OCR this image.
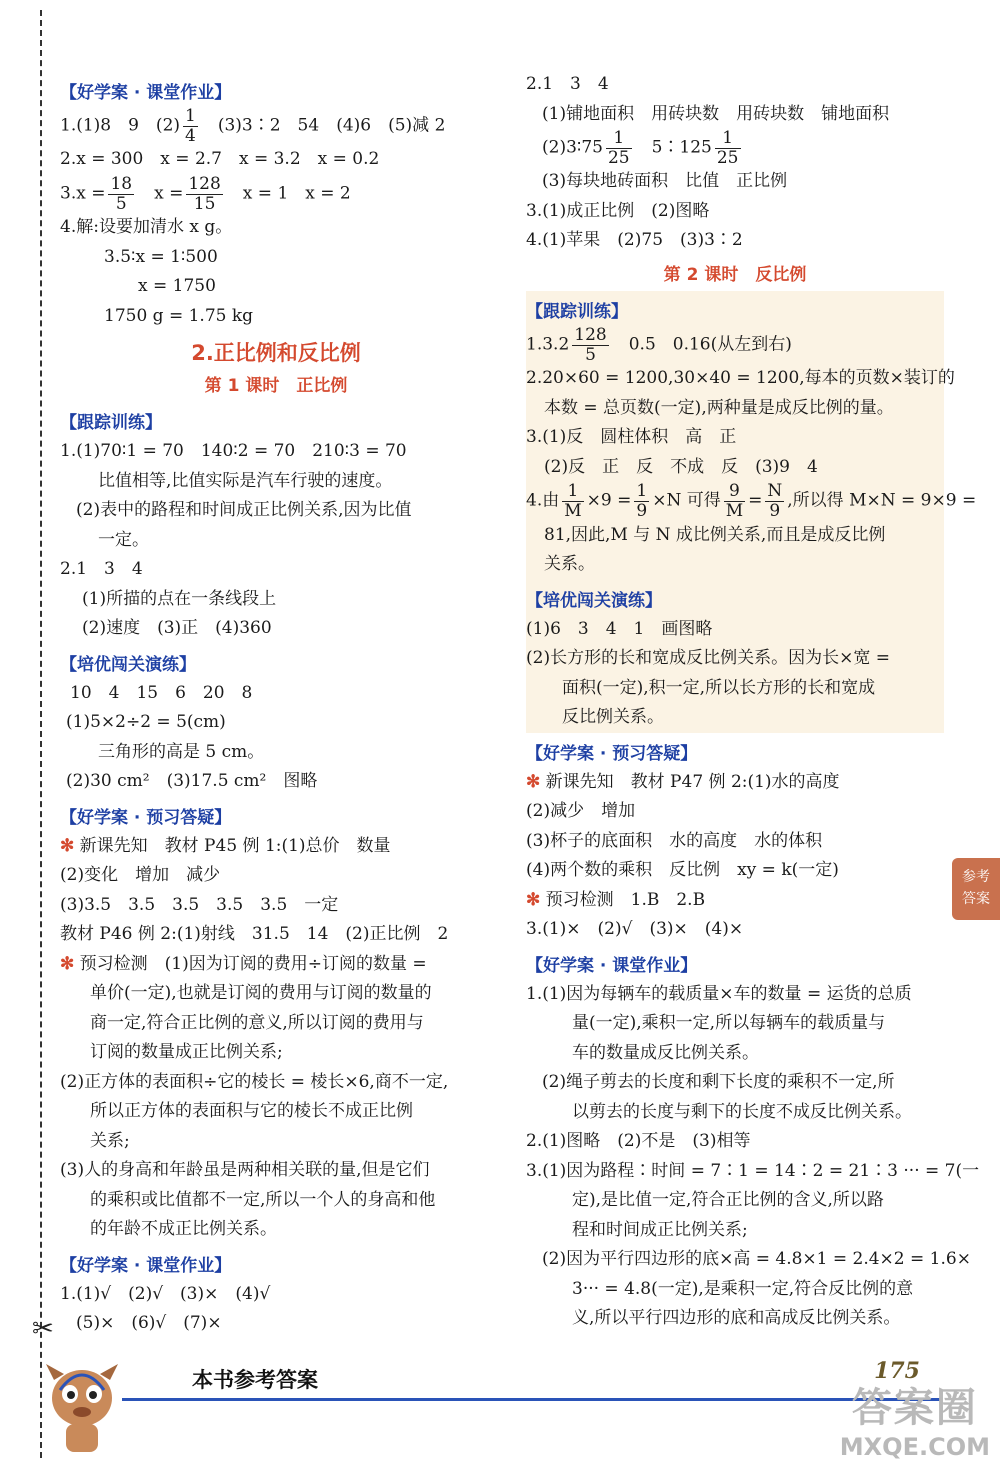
【好学案 · 课堂作业】
1.(1)8　9　$(2) \frac{1}{4}$ 　(3)3∶2　54　(4)6　(5)减 2
2.x = 300　x = 2.7　x = 3.2　x = 0.2
$3.x = \frac{18}{5}$ 　$x = \frac{128}{15}$ 　x = 1　x = 2
4.解:设要加清水 x g。
3.5∶x = 1∶500
x = 1750
1750 g = 1.75 kg
2.正比例和反比例
第 1 课时　正比例
【跟踪训练】
1.(1)70∶1 = 70　140∶2 = 70　210∶3 = 70
比值相等,比值实际是汽车行驶的速度。
(2)表中的路程和时间成正比例关系,因为比值
一定。
2.1　3　4
(1)所描的点在一条线段上
(2)速度　(3)正　(4)360
【培优闯关演练】
10　4　15　6　20　8
(1)5×2÷2 = 5(cm)
三角形的高是 5 cm。
(2)30 cm²　(3)17.5 cm²　图略
【好学案 · 预习答疑】
✻ 新课先知　教材 P45 例 1:(1)总价　数量
(2)变化　增加　减少
(3)3.5　3.5　3.5　3.5　3.5　一定
教材 P46 例 2:(1)射线　31.5　14　(2)正比例　2
✻ 预习检测　(1)因为订阅的费用÷订阅的数量 =
单价(一定),也就是订阅的费用与订阅的数量的
商一定,符合正比例的意义,所以订阅的费用与
订阅的数量成正比例关系;
(2)正方体的表面积÷它的棱长 = 棱长×6,商不一定,
所以正方体的表面积与它的棱长不成正比例
关系;
(3)人的身高和年龄虽是两种相关联的量,但是它们
的乘积或比值都不一定,所以一个人的身高和他
的年龄不成正比例关系。
【好学案 · 课堂作业】
1.(1)√　(2)√　(3)×　(4)√
(5)×　(6)√　(7)×
2.1　3　4
(1)铺地面积　用砖块数　用砖块数　铺地面积
(2)3∶75 $\frac{1}{25}$ 　5∶125 $\frac{1}{25}$
(3)每块地砖面积　比值　正比例
3.(1)成正比例　(2)图略
4.(1)苹果　(2)75　(3)3∶2
第 2 课时　反比例
【跟踪训练】
$1.3.2 \frac{128}{5}$ 　0.5　0.16(从左到右)
2.20×60 = 1200,30×40 = 1200,每本的页数×装订的
本数 = 总页数(一定),两种量是成反比例的量。
3.(1)反　圆柱体积　高　正
(2)反　正　反　不成　反　(3)9　4
4.由 $\frac{1}{M} \times 9 = \frac{1}{9} \times N$ 可得 $\frac{9}{M} = \frac{N}{9}$ ,所以得 M×N = 9×9 =
81,因此,M 与 N 成比例关系,而且是成反比例
关系。
【培优闯关演练】
(1)6　3　4　1　画图略
(2)长方形的长和宽成反比例关系。因为长×宽 =
面积(一定),积一定,所以长方形的长和宽成
反比例关系。
【好学案 · 预习答疑】
✻ 新课先知　教材 P47 例 2:(1)水的高度
(2)减少　增加
(3)杯子的底面积　水的高度　水的体积
(4)两个数的乘积　反比例　xy = k(一定)
✻ 预习检测　1.B　2.B
3.(1)×　(2)√　(3)×　(4)×
【好学案 · 课堂作业】
1.(1)因为每辆车的载质量×车的数量 = 运货的总质
量(一定),乘积一定,所以每辆车的载质量与
车的数量成反比例关系。
(2)绳子剪去的长度和剩下长度的乘积不一定,所
以剪去的长度与剩下的长度不成反比例关系。
2.(1)图略　(2)不是　(3)相等
3.(1)因为路程∶时间 = 7∶1 = 14∶2 = 21∶3 ··· = 7(一
定),是比值一定,符合正比例的含义,所以路
程和时间成正比例关系;
(2)因为平行四边形的底×高 = 4.8×1 = 2.4×2 = 1.6×
3··· = 4.8(一定),是乘积一定,符合反比例的意
义,所以平行四边形的底和高成反比例关系。
参考
答案
✂
本书参考答案	175
答案圈
MXQE.COM
